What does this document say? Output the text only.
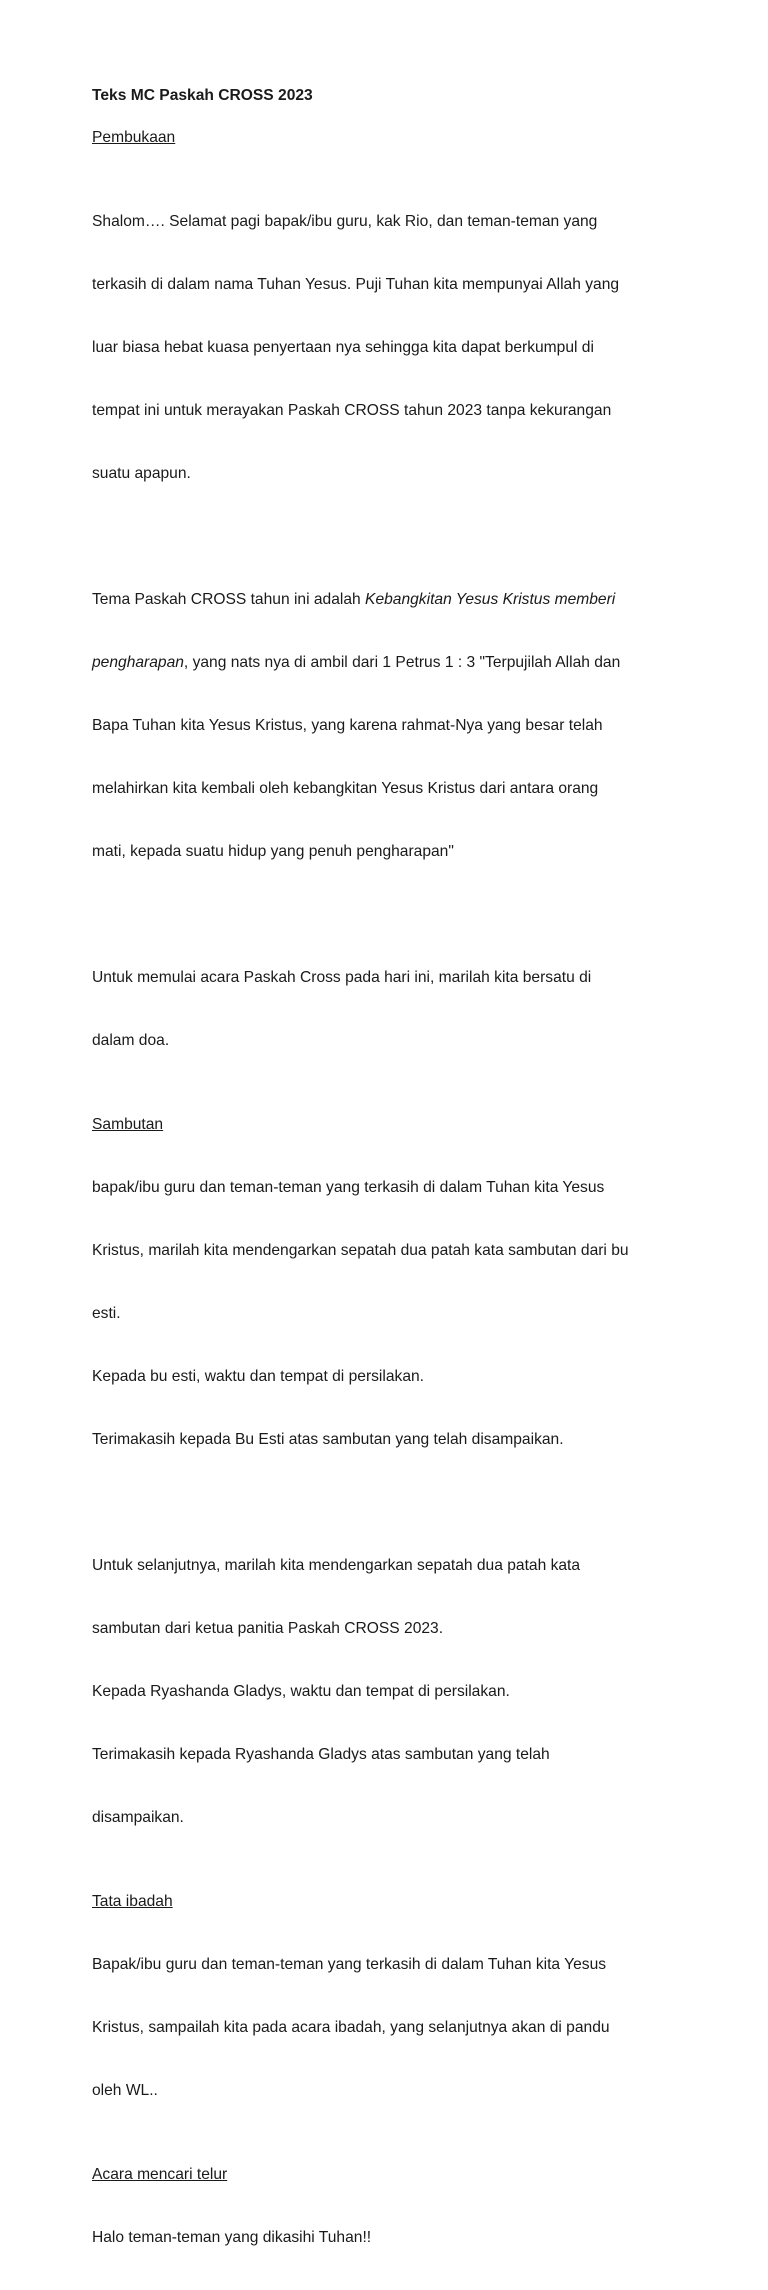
Teks MC Paskah CROSS 2023

Pembukaan

Shalom…. Selamat pagi bapak/ibu guru, kak Rio, dan teman-teman yang

terkasih di dalam nama Tuhan Yesus. Puji Tuhan kita mempunyai Allah yang

luar biasa hebat kuasa penyertaan nya sehingga kita dapat berkumpul di

tempat ini untuk merayakan Paskah CROSS tahun 2023 tanpa kekurangan

suatu apapun.

Tema Paskah CROSS tahun ini adalah Kebangkitan Yesus Kristus memberi

pengharapan, yang nats nya di ambil dari 1 Petrus 1 : 3 "Terpujilah Allah dan

Bapa Tuhan kita Yesus Kristus, yang karena rahmat-Nya yang besar telah

melahirkan kita kembali oleh kebangkitan Yesus Kristus dari antara orang

mati, kepada suatu hidup yang penuh pengharapan"

Untuk memulai acara Paskah Cross pada hari ini, marilah kita bersatu di

dalam doa.

Sambutan

bapak/ibu guru dan teman-teman yang terkasih di dalam Tuhan kita Yesus

Kristus, marilah kita mendengarkan sepatah dua patah kata sambutan dari bu

esti.

Kepada bu esti, waktu dan tempat di persilakan.

Terimakasih kepada Bu Esti atas sambutan yang telah disampaikan.

Untuk selanjutnya, marilah kita mendengarkan sepatah dua patah kata

sambutan dari ketua panitia Paskah CROSS 2023.

Kepada Ryashanda Gladys, waktu dan tempat di persilakan.

Terimakasih kepada Ryashanda Gladys atas sambutan yang telah

disampaikan.

Tata ibadah

Bapak/ibu guru dan teman-teman yang terkasih di dalam Tuhan kita Yesus

Kristus, sampailah kita pada acara ibadah, yang selanjutnya akan di pandu

oleh WL..

Acara mencari telur

Halo teman-teman yang dikasihi Tuhan!!
